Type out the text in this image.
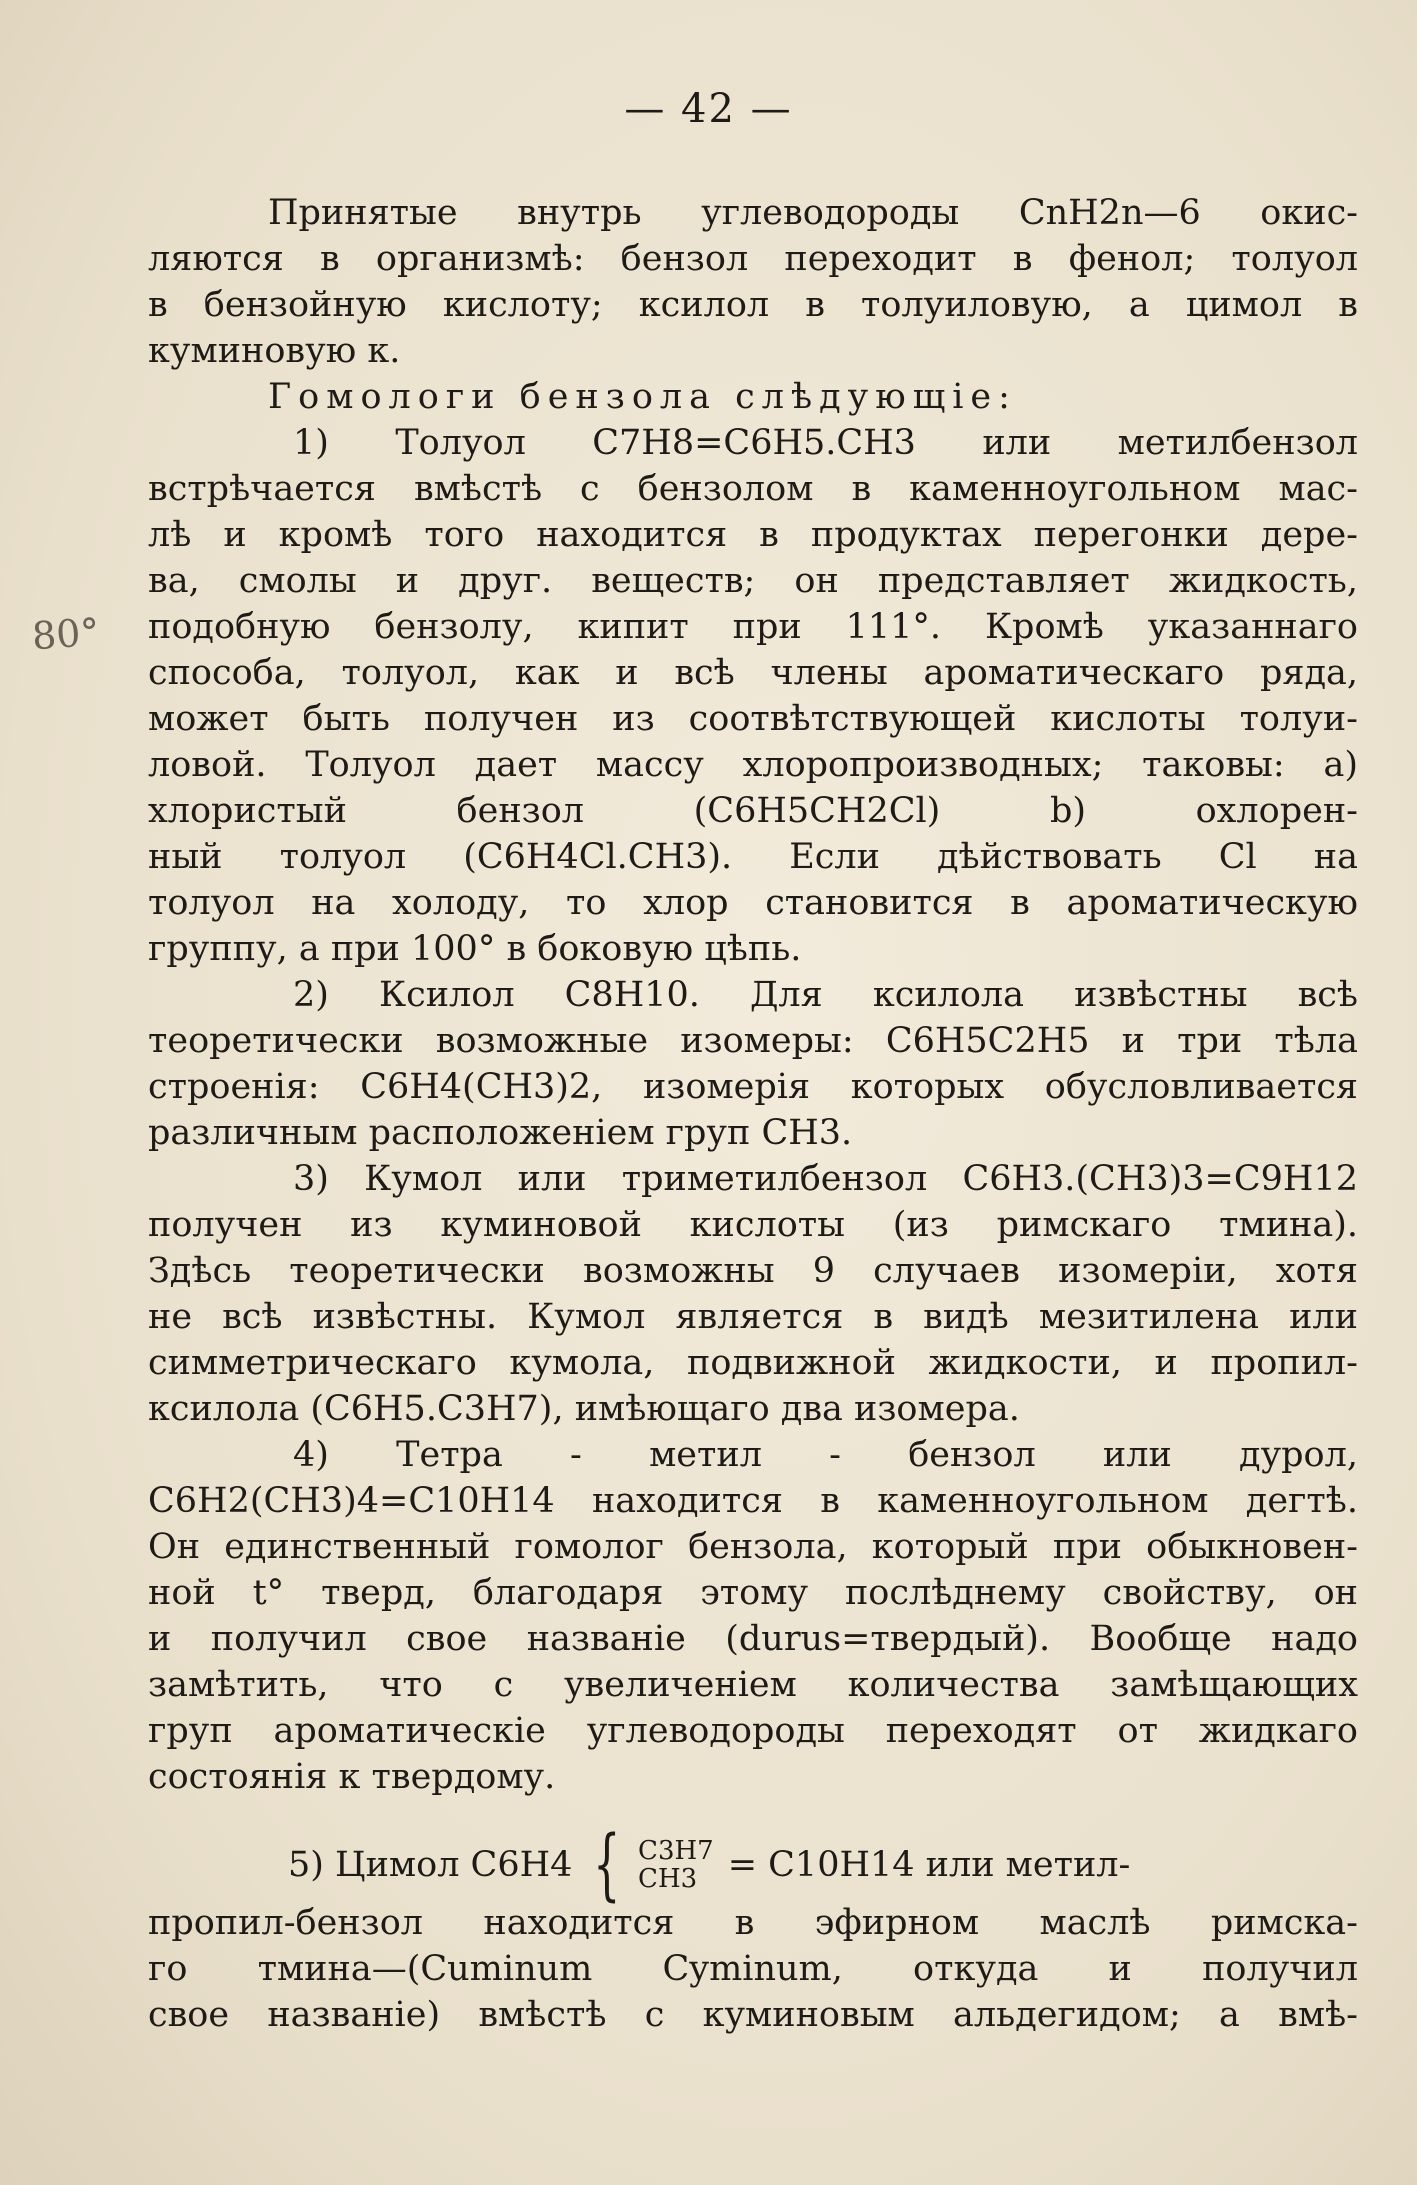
— 42 —
80°
Принятые внутрь углеводороды CnH2n—6 окис-
ляются в организмѣ: бензол переходит в фенол; толуол
в бензойную кислоту; ксилол в толуиловую, а цимол в
куминовую к.
Гомологи бензола слѣдующіе:
1) Толуол C7H8=C6H5.CH3 или метилбензол
встрѣчается вмѣстѣ с бензолом в каменноугольном мас-
лѣ и кромѣ того находится в продуктах перегонки дере-
ва, смолы и друг. веществ; он представляет жидкость,
подобную бензолу, кипит при 111°. Кромѣ указаннаго
способа, толуол, как и всѣ члены ароматическаго ряда,
может быть получен из соотвѣтствующей кислоты толуи-
ловой. Толуол дает массу хлоропроизводных; таковы: a)
хлористый бензол (C6H5CH2Cl) b) охлорен-
ный толуол (C6H4Cl.CH3). Если дѣйствовать Cl на
толуол на холоду, то хлор становится в ароматическую
группу, а при 100° в боковую цѣпь.
2) Ксилол C8H10. Для ксилола извѣстны всѣ
теоретически возможные изомеры: C6H5C2H5 и три тѣла
строенія: C6H4(CH3)2, изомерія которых обусловливается
различным расположеніем груп CH3.
3) Кумол или триметилбензол C6H3.(CH3)3=C9H12
получен из куминовой кислоты (из римскаго тмина).
Здѣсь теоретически возможны 9 случаев изомеріи, хотя
не всѣ извѣстны. Кумол является в видѣ мезитилена или
симметрическаго кумола, подвижной жидкости, и пропил-
ксилола (C6H5.C3H7), имѣющаго два изомера.
4) Тетра - метил - бензол или дурол,
C6H2(CH3)4=C10H14 находится в каменноугольном дегтѣ.
Он единственный гомолог бензола, который при обыкновен-
ной t° тверд, благодаря этому послѣднему свойству, он
и получил свое названіе (durus=твердый). Вообще надо
замѣтить, что с увеличеніем количества замѣщающих
груп ароматическіе углеводороды переходят от жидкаго
состоянія к твердому.
5) Цимол C6H4 { C3H7
CH3 = C10H14 или метил-
пропил-бензол находится в эфирном маслѣ римска-
го тмина—(Cuminum Cyminum, откуда и получил
свое названіе) вмѣстѣ с куминовым альдегидом; а вмѣ-
